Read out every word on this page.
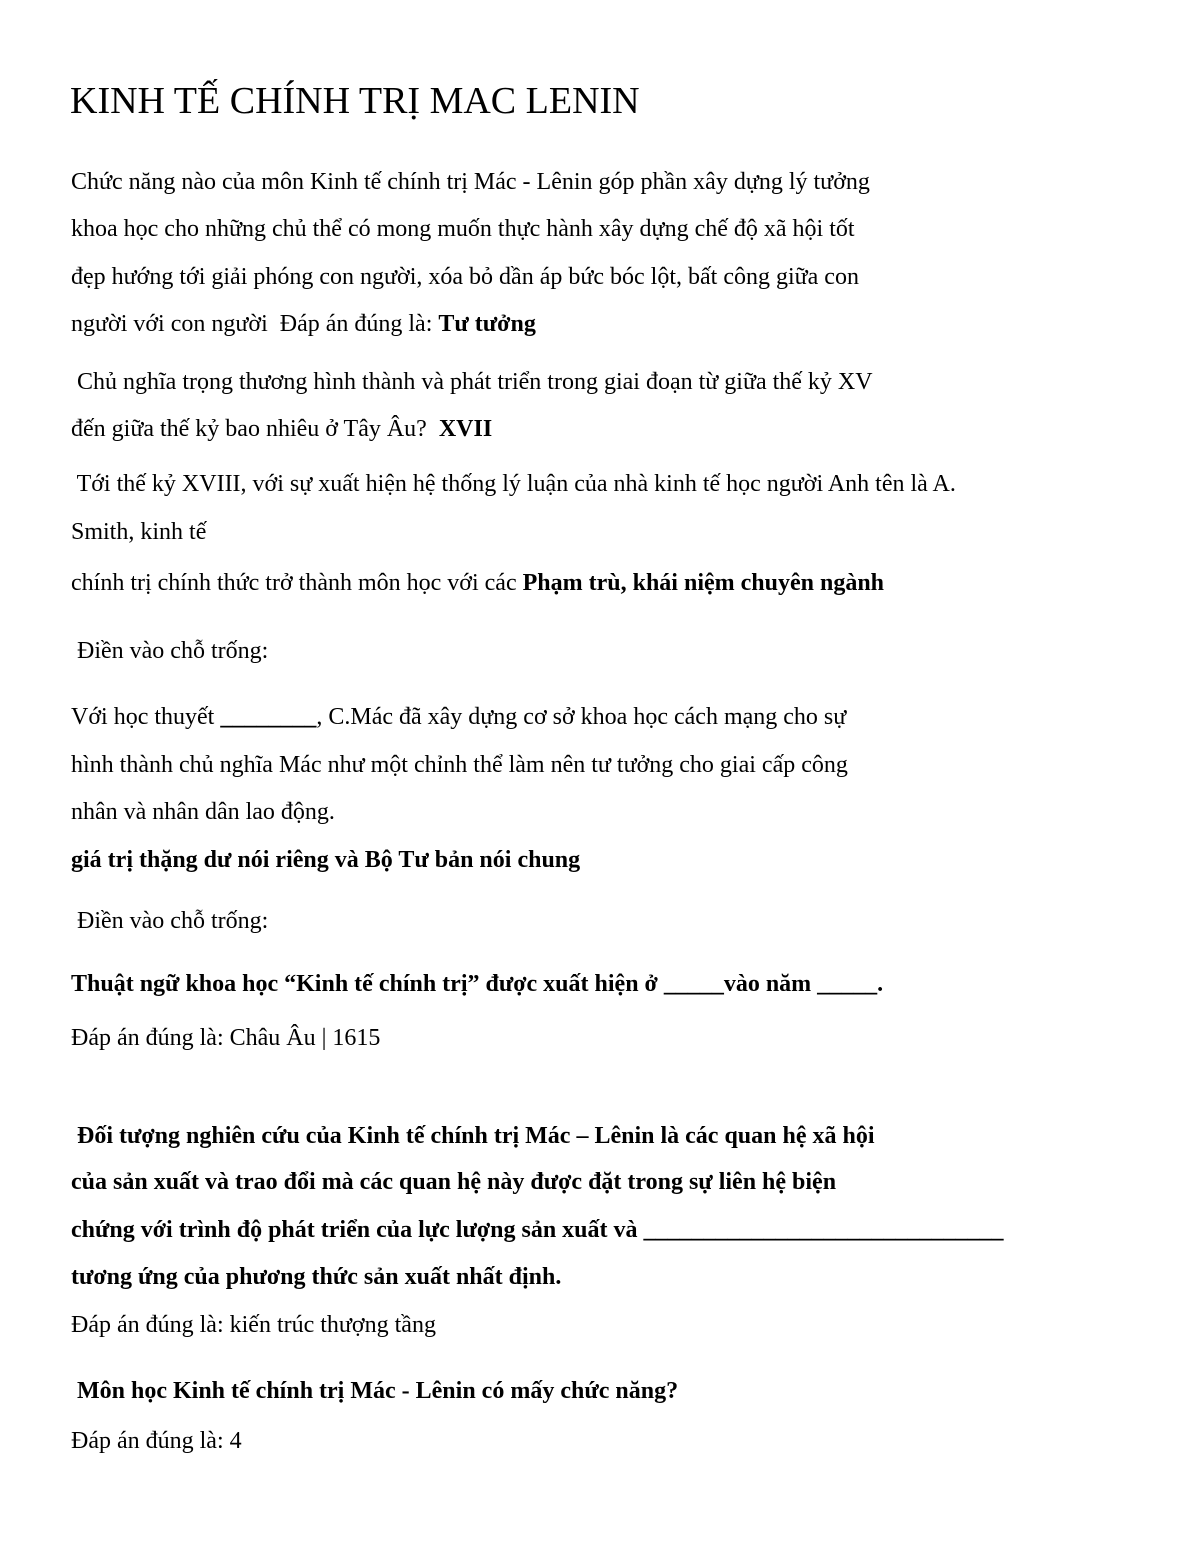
KINH TẾ CHÍNH TRỊ MAC LENIN
Chức năng nào của môn Kinh tế chính trị Mác - Lênin góp phần xây dựng lý tưởng
khoa học cho những chủ thể có mong muốn thực hành xây dựng chế độ xã hội tốt
đẹp hướng tới giải phóng con người, xóa bỏ dần áp bức bóc lột, bất công giữa con
người với con người  Đáp án đúng là: Tư tưởng
Chủ nghĩa trọng thương hình thành và phát triển trong giai đoạn từ giữa thế kỷ XV
đến giữa thế kỷ bao nhiêu ở Tây Âu?  XVII
Tới thế kỷ XVIII, với sự xuất hiện hệ thống lý luận của nhà kinh tế học người Anh tên là A.
Smith, kinh tế
chính trị chính thức trở thành môn học với các Phạm trù, khái niệm chuyên ngành
Điền vào chỗ trống:
Với học thuyết ________, C.Mác đã xây dựng cơ sở khoa học cách mạng cho sự
hình thành chủ nghĩa Mác như một chỉnh thể làm nên tư tưởng cho giai cấp công
nhân và nhân dân lao động.
giá trị thặng dư nói riêng và Bộ Tư bản nói chung
Điền vào chỗ trống:
Thuật ngữ khoa học “Kinh tế chính trị” được xuất hiện ở _____vào năm _____.
Đáp án đúng là: Châu Âu | 1615
Đối tượng nghiên cứu của Kinh tế chính trị Mác – Lênin là các quan hệ xã hội
của sản xuất và trao đổi mà các quan hệ này được đặt trong sự liên hệ biện
chứng với trình độ phát triển của lực lượng sản xuất và ______________________________
tương ứng của phương thức sản xuất nhất định.
Đáp án đúng là: kiến trúc thượng tầng
Môn học Kinh tế chính trị Mác - Lênin có mấy chức năng?
Đáp án đúng là: 4
